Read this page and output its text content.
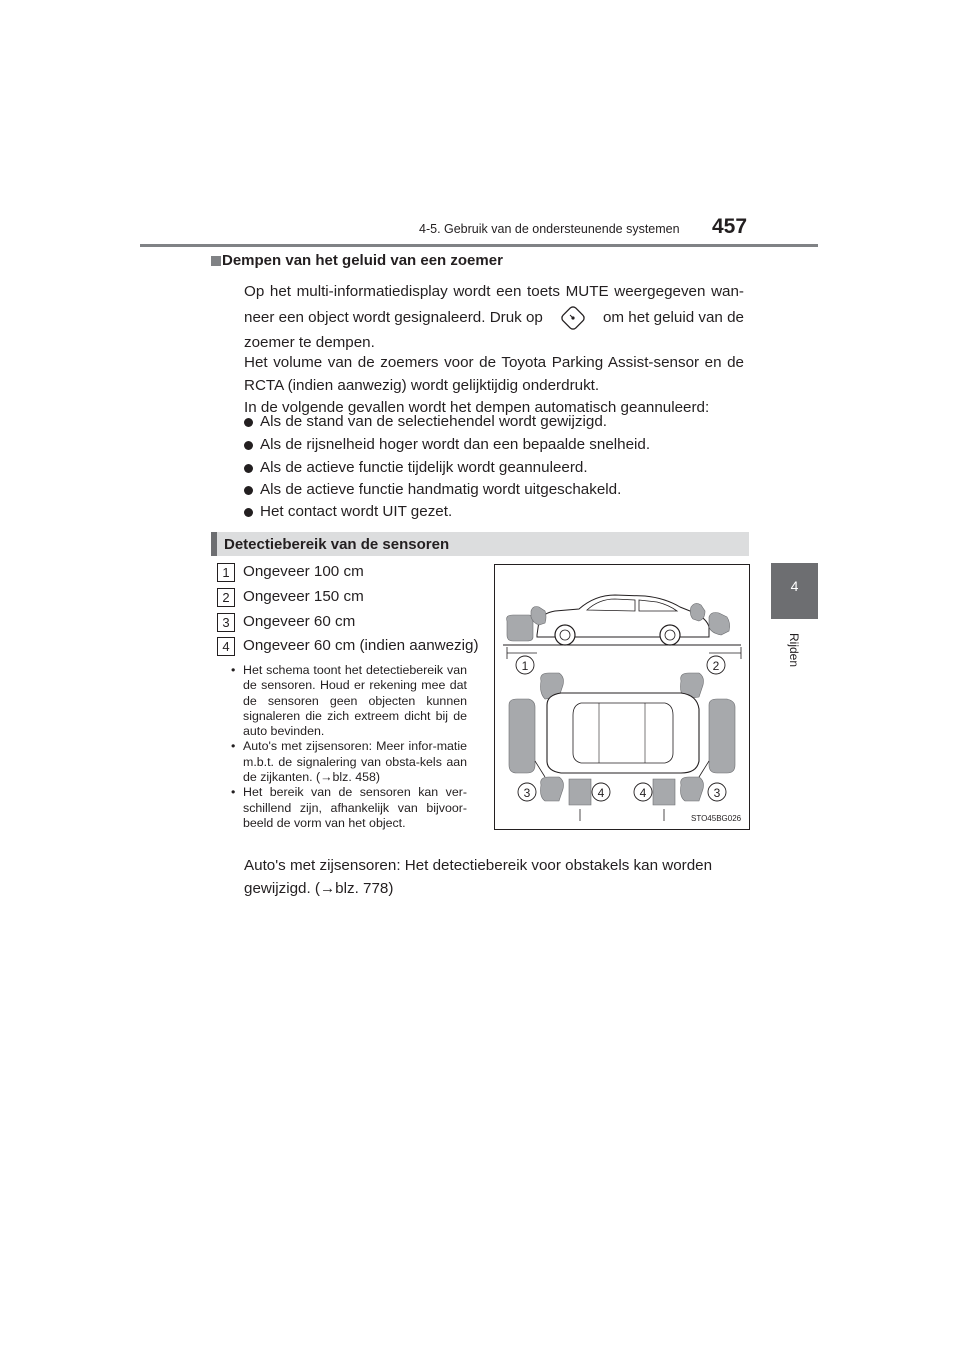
4-5. Gebruik van de ondersteunende systemen 457
4
Rijden
Dempen van het geluid van een zoemer
Op het multi-informatiedisplay wordt een toets MUTE weergegeven wan-
neer een object wordt gesignaleerd. Druk op	om het geluid van de
zoemer te dempen.
Het volume van de zoemers voor de Toyota Parking Assist-sensor en de RCTA (indien aanwezig) wordt gelijktijdig onderdrukt.
In de volgende gevallen wordt het dempen automatisch geannuleerd:
Als de stand van de selectiehendel wordt gewijzigd.
Als de rijsnelheid hoger wordt dan een bepaalde snelheid.
Als de actieve functie tijdelijk wordt geannuleerd.
Als de actieve functie handmatig wordt uitgeschakeld.
Het contact wordt UIT gezet.
Detectiebereik van de sensoren
1 Ongeveer 100 cm
2 Ongeveer 150 cm
3 Ongeveer 60 cm
4 Ongeveer 60 cm (indien aanwezig)
• Het schema toont het detectiebereik van de sensoren. Houd er rekening mee dat de sensoren geen objecten kunnen signaleren die zich extreem dicht bij de auto bevinden.
• Auto's met zijsensoren: Meer infor-matie m.b.t. de signalering van obsta-kels aan de zijkanten. (→blz. 458)
• Het bereik van de sensoren kan ver-schillend zijn, afhankelijk van bijvoor-beeld de vorm van het object.
1	2
3	4	4	3
STO45BG026
Auto's met zijsensoren: Het detectiebereik voor obstakels kan worden gewijzigd. (→blz. 778)
